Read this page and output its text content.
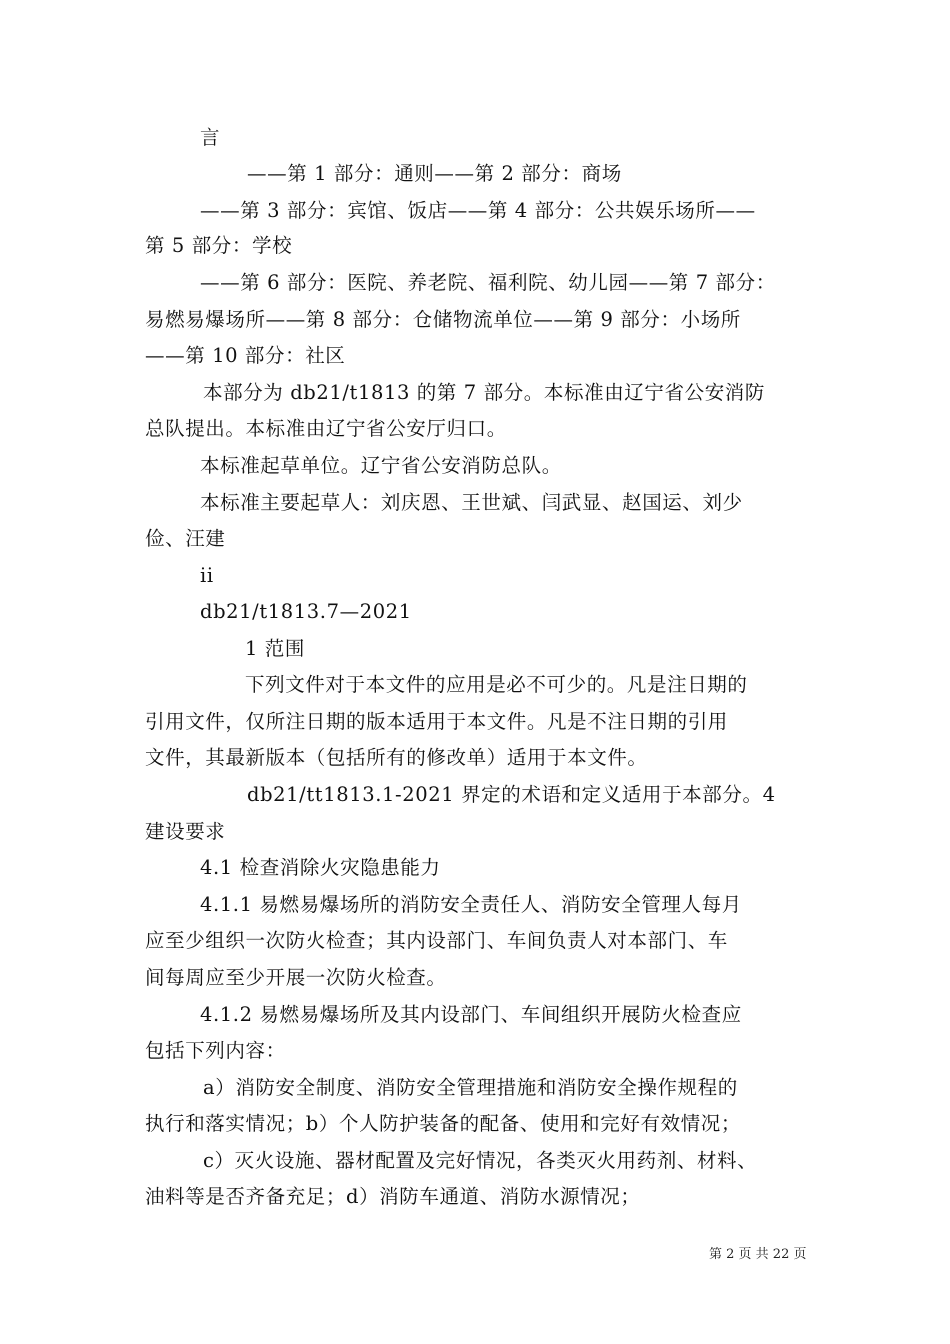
言
——第 1 部分：通则——第 2 部分：商场
——第 3 部分：宾馆、饭店——第 4 部分：公共娱乐场所——
第 5 部分：学校
——第 6 部分：医院、养老院、福利院、幼儿园——第 7 部分：
易燃易爆场所——第 8 部分：仓储物流单位——第 9 部分：小场所
——第 10 部分：社区
本部分为 db21/t1813 的第 7 部分。本标准由辽宁省公安消防
总队提出。本标准由辽宁省公安厅归口。
本标准起草单位。辽宁省公安消防总队。
本标准主要起草人：刘庆恩、王世斌、闫武显、赵国运、刘少
俭、汪建
ii
db21/t1813.7—2021
1 范围
下列文件对于本文件的应用是必不可少的。凡是注日期的
引用文件，仅所注日期的版本适用于本文件。凡是不注日期的引用
文件，其最新版本（包括所有的修改单）适用于本文件。
db21/tt1813.1-2021 界定的术语和定义适用于本部分。4
建设要求
4.1 检查消除火灾隐患能力
4.1.1 易燃易爆场所的消防安全责任人、消防安全管理人每月
应至少组织一次防火检查；其内设部门、车间负责人对本部门、车
间每周应至少开展一次防火检查。
4.1.2 易燃易爆场所及其内设部门、车间组织开展防火检查应
包括下列内容：
a）消防安全制度、消防安全管理措施和消防安全操作规程的
执行和落实情况；b）个人防护装备的配备、使用和完好有效情况；
c）灭火设施、器材配置及完好情况，各类灭火用药剂、材料、
油料等是否齐备充足；d）消防车通道、消防水源情况；
第 2 页 共 22 页
